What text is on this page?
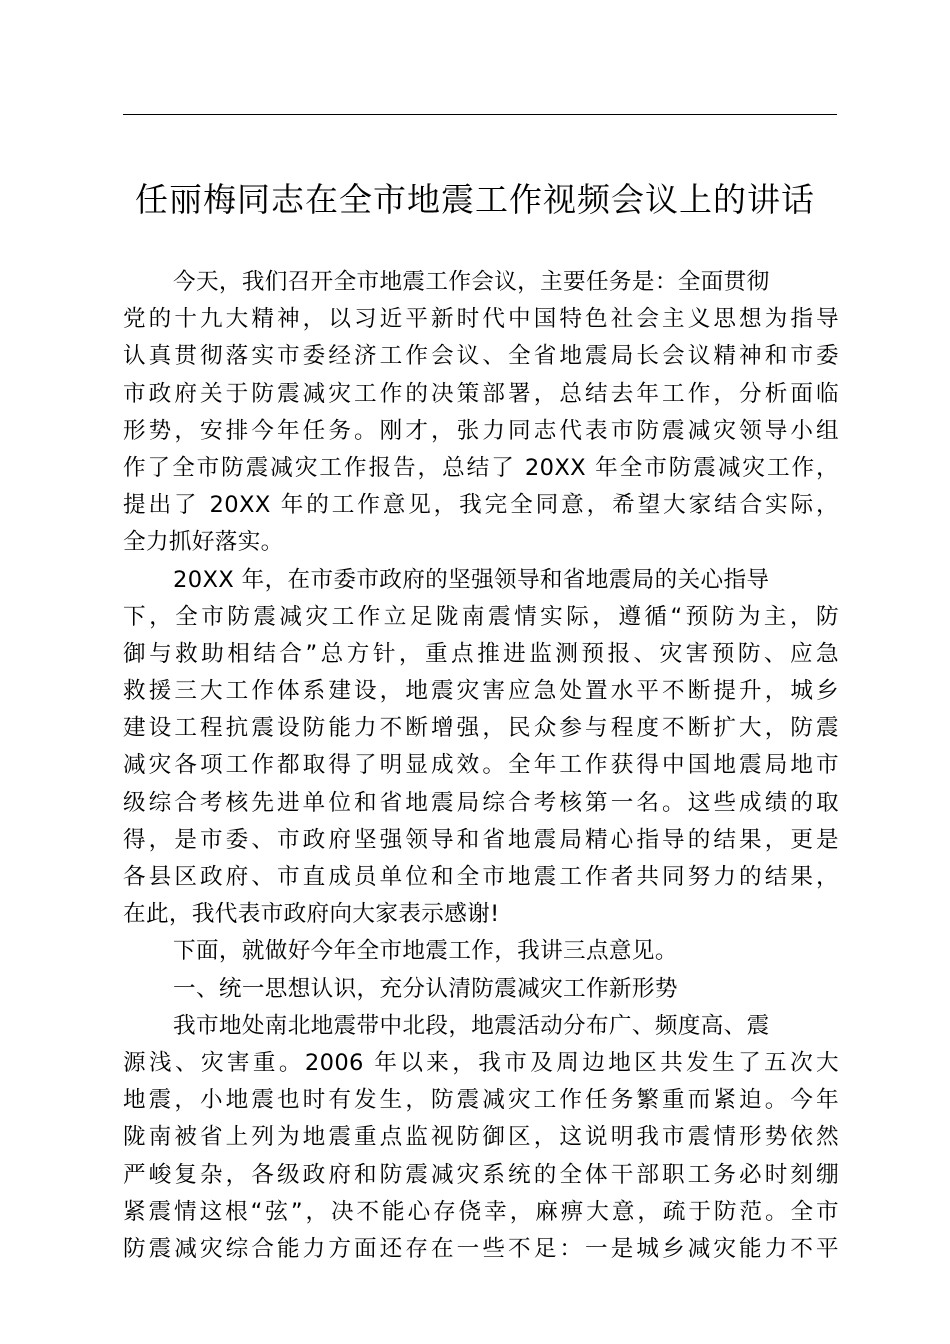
任丽梅同志在全市地震工作视频会议上的讲话
今天，我们召开全市地震工作会议，主要任务是：全面贯彻
党的十九大精神，以习近平新时代中国特色社会主义思想为指导
认真贯彻落实市委经济工作会议、全省地震局长会议精神和市委
市政府关于防震减灾工作的决策部署，总结去年工作，分析面临
形势，安排今年任务。刚才，张力同志代表市防震减灾领导小组
作了全市防震减灾工作报告，总结了 20XX 年全市防震减灾工作，
提出了 20XX 年的工作意见，我完全同意，希望大家结合实际，
全力抓好落实。
20XX 年，在市委市政府的坚强领导和省地震局的关心指导
下，全市防震减灾工作立足陇南震情实际，遵循“预防为主，防
御与救助相结合”总方针，重点推进监测预报、灾害预防、应急
救援三大工作体系建设，地震灾害应急处置水平不断提升，城乡
建设工程抗震设防能力不断增强，民众参与程度不断扩大，防震
减灾各项工作都取得了明显成效。全年工作获得中国地震局地市
级综合考核先进单位和省地震局综合考核第一名。这些成绩的取
得，是市委、市政府坚强领导和省地震局精心指导的结果，更是
各县区政府、市直成员单位和全市地震工作者共同努力的结果，
在此，我代表市政府向大家表示感谢!
下面，就做好今年全市地震工作，我讲三点意见。
一、统一思想认识，充分认清防震减灾工作新形势
我市地处南北地震带中北段，地震活动分布广、频度高、震
源浅、灾害重。2006 年以来，我市及周边地区共发生了五次大
地震，小地震也时有发生，防震减灾工作任务繁重而紧迫。今年
陇南被省上列为地震重点监视防御区，这说明我市震情形势依然
严峻复杂，各级政府和防震减灾系统的全体干部职工务必时刻绷
紧震情这根“弦”，决不能心存侥幸，麻痹大意，疏于防范。全市
防震减灾综合能力方面还存在一些不足：一是城乡减灾能力不平
